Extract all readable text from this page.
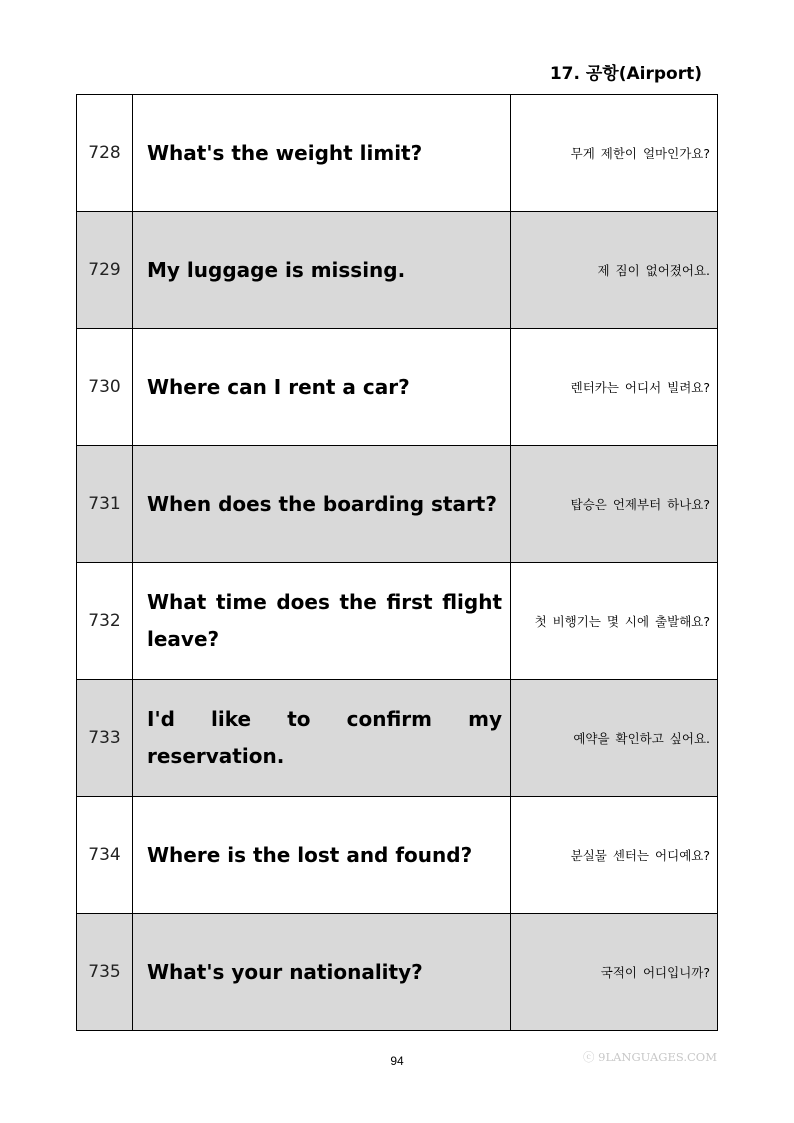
17. 공항(Airport)
728	What's the weight limit?	무게 제한이 얼마인가요?
729	My luggage is missing.	제 짐이 없어졌어요.
730	Where can I rent a car?	렌터카는 어디서 빌려요?
731	When does the boarding start?	탑승은 언제부터 하나요?
732	What time does the first flight leave?	첫 비행기는 몇 시에 출발해요?
733	I'd like to confirm my reservation.	예약을 확인하고 싶어요.
734	Where is the lost and found?	분실물 센터는 어디예요?
735	What's your nationality?	국적이 어디입니까?
94	ⓒ 9LANGUAGES.COM
